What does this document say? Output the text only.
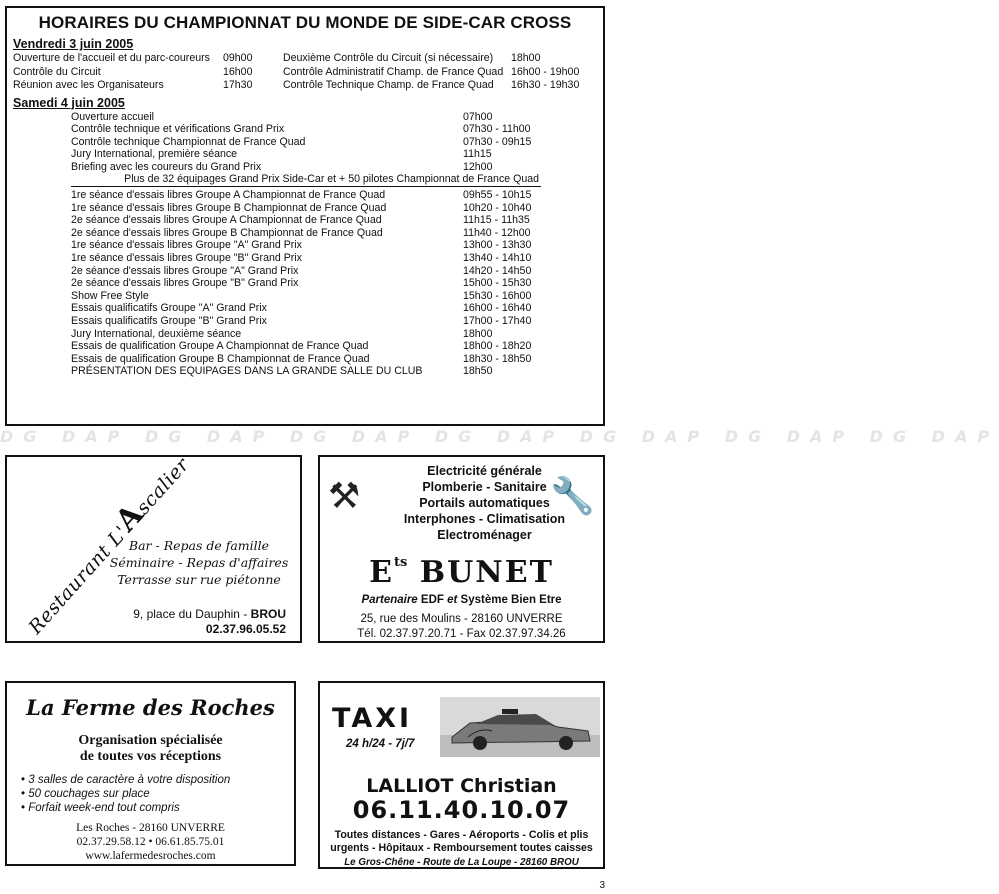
HORAIRES DU CHAMPIONNAT DU MONDE DE SIDE-CAR CROSS
Vendredi 3 juin 2005
Ouverture de l'accueil et du parc-coureurs	09h00	Deuxième Contrôle du Circuit (si nécessaire)	18h00
Contrôle du Circuit	16h00	Contrôle Administratif Champ. de France Quad 16h00 - 19h00
Réunion avec les Organisateurs	17h30	Contrôle Technique Champ. de France Quad	16h30 - 19h30
Samedi 4 juin 2005
Ouverture accueil	07h00
Contrôle technique et vérifications Grand Prix	07h30 - 11h00
Contrôle technique Championnat de France Quad	07h30 - 09h15
Jury International, première séance	11h15
Briefing avec les coureurs du Grand Prix	12h00
Plus de 32 équipages Grand Prix Side-Car et + 50 pilotes Championnat de France Quad
1re séance d'essais libres Groupe A Championnat de France Quad	09h55 - 10h15
1re séance d'essais libres Groupe B Championnat de France Quad	10h20 - 10h40
2e séance d'essais libres Groupe A Championnat de France Quad	11h15 - 11h35
2e séance d'essais libres Groupe B Championnat de France Quad	11h40 - 12h00
1re séance d'essais libres Groupe "A" Grand Prix	13h00 - 13h30
1re séance d'essais libres Groupe "B" Grand Prix	13h40 - 14h10
2e séance d'essais libres Groupe "A" Grand Prix	14h20 - 14h50
2e séance d'essais libres Groupe "B" Grand Prix	15h00 - 15h30
Show Free Style	15h30 - 16h00
Essais qualificatifs Groupe "A" Grand Prix	16h00 - 16h40
Essais qualificatifs Groupe "B" Grand Prix	17h00 - 17h40
Jury International, deuxième séance	18h00
Essais de qualification Groupe A Championnat de France Quad	18h00 - 18h20
Essais de qualification Groupe B Championnat de France Quad	18h30 - 18h50
PRÉSENTATION DES EQUIPAGES DANS LA GRANDE SALLE DU CLUB	18h50
DG DAP DG DAP DG DAP DG DAP DG DAP DG DAP DG DAP
Restaurant L'Ascalier
Bar - Repas de famille
Séminaire - Repas d'affaires
Terrasse sur rue piétonne
9, place du Dauphin - BROU
02.37.96.05.52
⚒	🔧
Electricité générale
Plomberie - Sanitaire
Portails automatiques
Interphones - Climatisation
Electroménager
$E^{ts}$ BUNET
Partenaire EDF et Système Bien Etre
25, rue des Moulins - 28160 UNVERRE
Tél. 02.37.97.20.71 - Fax 02.37.97.34.26
La Ferme des Roches
Organisation spécialisée
de toutes vos réceptions
• 3 salles de caractère à votre disposition
• 50 couchages sur place
• Forfait week-end tout compris
Les Roches - 28160 UNVERRE
02.37.29.58.12 • 06.61.85.75.01
www.lafermedesroches.com
TAXI
24 h/24 - 7j/7
LALLIOT Christian
06.11.40.10.07
Toutes distances - Gares - Aéroports - Colis et plis
urgents - Hôpitaux - Remboursement toutes caisses
Le Gros-Chêne - Route de La Loupe - 28160 BROU
3
